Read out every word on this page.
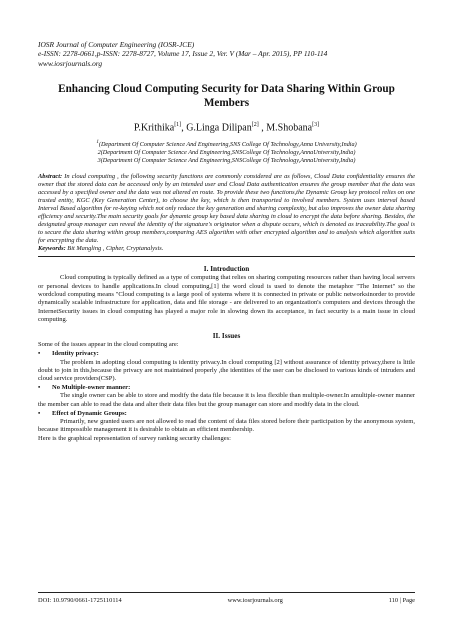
IOSR Journal of Computer Engineering (IOSR-JCE)
e-ISSN: 2278-0661,p-ISSN: 2278-8727, Volume 17, Issue 2, Ver. V (Mar – Apr. 2015), PP 110-114
www.iosrjournals.org
Enhancing Cloud Computing Security for Data Sharing Within Group Members
P.Krithika[1], G.Linga Dilipan[2] , M.Shobana[3]
$^1$(Department Of Computer Science And Engineering,SNS College Of Technology,Anna University,India)
2(Department Of Computer Science And Engineering,SNSCollege Of Technology,AnnaUniversity,India)
3(Department Of Computer Science And Engineering,SNSCollege Of Technology,AnnaUniversity,India)
Abstract: In cloud computing , the following security functions are commonly considered are as follows, Cloud Data confidentiality ensures the owner that the stored data can be accessed only by an intended user and Cloud Data authentication ensures the group member that the data was accessed by a specified owner and the data was not altered en route. To provide these two functions,the Dynamic Group key protocol relies on one trusted entity, KGC (Key Generation Center), to choose the key, which is then transported to involved members. System uses interval based Interval Based algorithm for re-keying which not only reduce the key generation and sharing complexity, but also improves the owner data sharing efficiency and security.The main security goals for dynamic group key based data sharing in cloud to encrypt the data before sharing. Besides, the designated group manager can reveal the identity of the signature's originator when a dispute occurs, which is denoted as traceability.The goal is to secure the data sharing within group members,comparing AES algorithm with other encrypted algorithm and to analysis which algorithm suits for encrypting the data.
Keywords: Bit Mangling , Cipher, Cryptanalysis.
I. Introduction
Cloud computing is typically defined as a type of computing that relies on sharing computing resources rather than having local servers or personal devices to handle applications.In cloud computing,[1] the word cloud is used to denote the metaphor "The Internet" so the wordcloud computing means "Cloud computing is a large pool of systems where it is connected in private or public networksinorder to provide dynamically scalable infrastructure for application, data and file storage - are delivered to an organization's computers and devices through the InternetSecurity issues in cloud computing has played a major role in slowing down its acceptance, in fact security is a main issue in cloud computing.
II. Issues
Some of the issues appear in the cloud computing are:
•	Identity privacy:
The problem in adopting cloud computing is identity privacy.In cloud computing [2] without assurance of identity privacy,there is little doubt to join in this,because the privacy are not maintained properly ,the identities of the user can be disclosed to various kinds of intruders and cloud service providers(CSP).
•	No Multiple-owner manner:
The single owner can be able to store and modify the data file because it is less flexible than multiple-owner.In amultiple-owner manner the member can able to read the data and alter their data files but the group manager can store and modify data in the cloud.
•	Effect of Dynamic Groups:
Primarily, new granted users are not allowed to read the content of data files stored before their participation by the anonymous system, because itimpossible management it is desirable to obtain an efficient membership.
Here is the graphical representation of survey ranking security challenges:
DOI: 10.9790/0661-1725110114	www.iosrjournals.org	110 | Page
